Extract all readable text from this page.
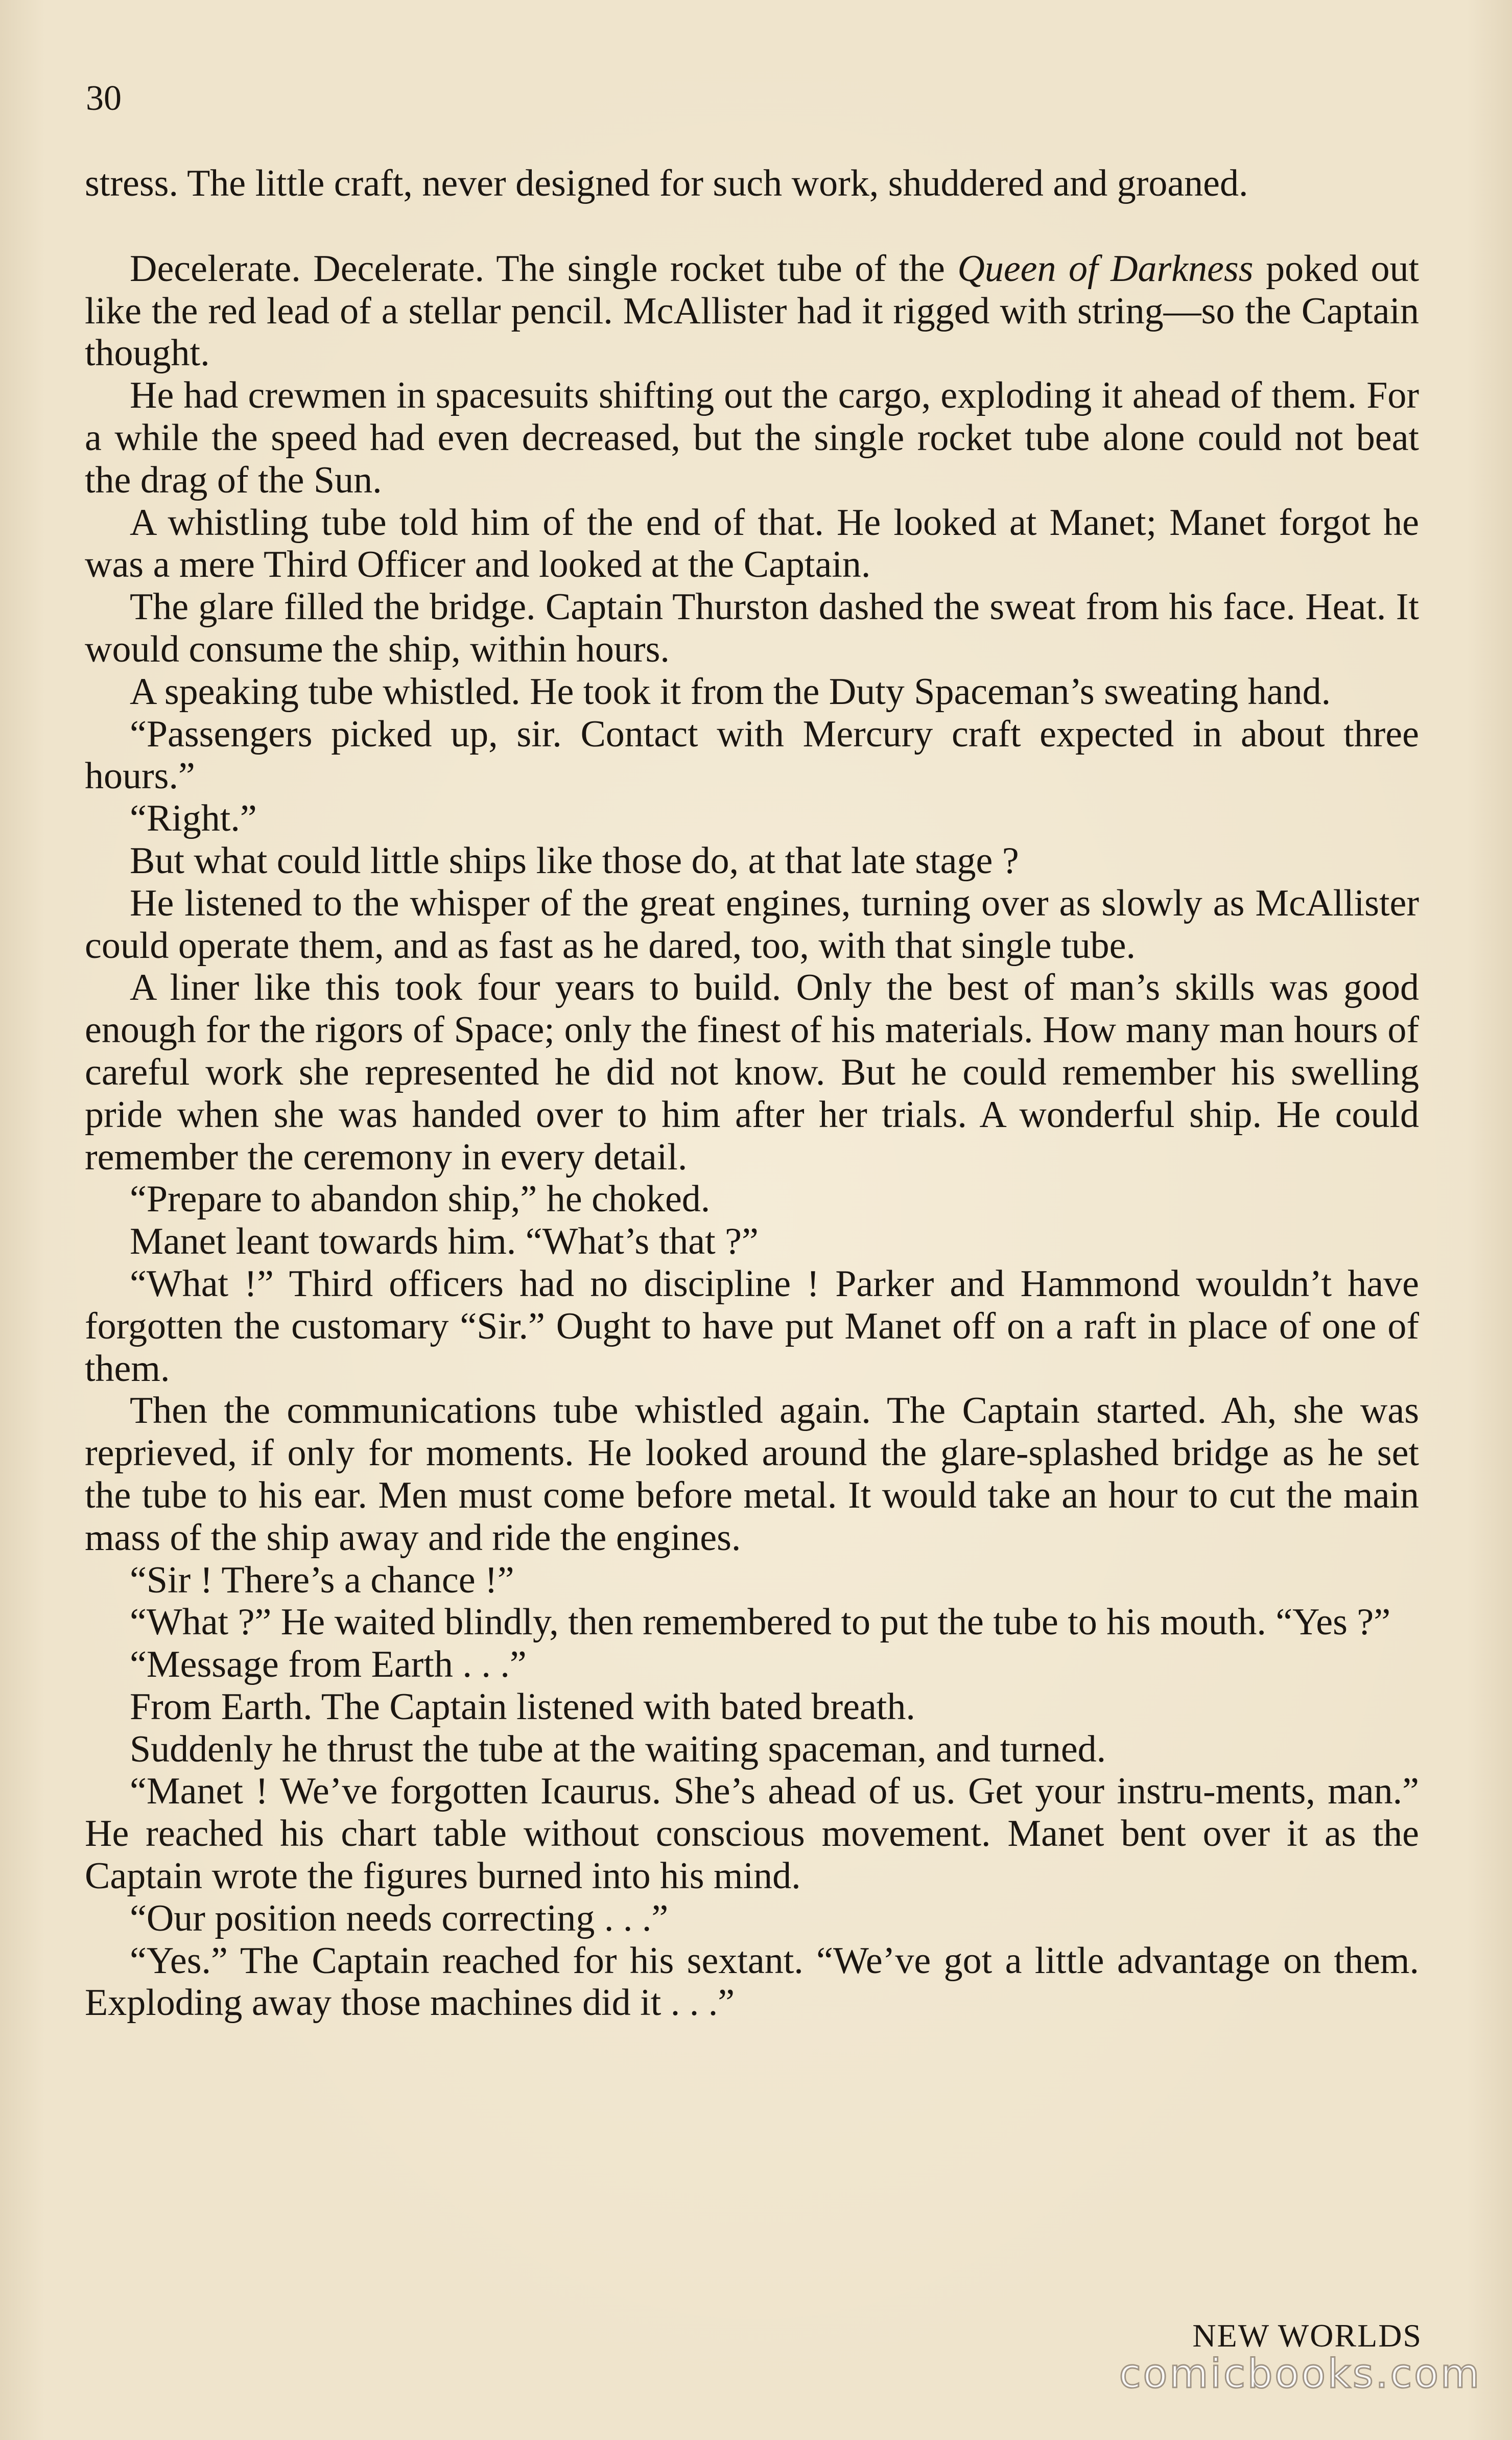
30

stress. The little craft, never designed for such work, shuddered and groaned.

Decelerate. Decelerate. The single rocket tube of the Queen of Darkness poked out like the red lead of a stellar pencil. McAllister had it rigged with string—so the Captain thought.

He had crewmen in spacesuits shifting out the cargo, exploding it ahead of them. For a while the speed had even decreased, but the single rocket tube alone could not beat the drag of the Sun.

A whistling tube told him of the end of that. He looked at Manet; Manet forgot he was a mere Third Officer and looked at the Captain.

The glare filled the bridge. Captain Thurston dashed the sweat from his face. Heat. It would consume the ship, within hours.

A speaking tube whistled. He took it from the Duty Spaceman’s sweating hand.

“Passengers picked up, sir. Contact with Mercury craft expected in about three hours.”

“Right.”

But what could little ships like those do, at that late stage ?

He listened to the whisper of the great engines, turning over as slowly as McAllister could operate them, and as fast as he dared, too, with that single tube.

A liner like this took four years to build. Only the best of man’s skills was good enough for the rigors of Space; only the finest of his materials. How many man hours of careful work she represented he did not know. But he could remember his swelling pride when she was handed over to him after her trials. A wonderful ship. He could remember the ceremony in every detail.

“Prepare to abandon ship,” he choked.

Manet leant towards him. “What’s that ?”

“What !” Third officers had no discipline ! Parker and Hammond wouldn’t have forgotten the customary “Sir.” Ought to have put Manet off on a raft in place of one of them.

Then the communications tube whistled again. The Captain started. Ah, she was reprieved, if only for moments. He looked around the glare-splashed bridge as he set the tube to his ear. Men must come before metal. It would take an hour to cut the main mass of the ship away and ride the engines.

“Sir ! There’s a chance !”

“What ?” He waited blindly, then remembered to put the tube to his mouth. “Yes ?”

“Message from Earth . . .”

From Earth. The Captain listened with bated breath.

Suddenly he thrust the tube at the waiting spaceman, and turned.

“Manet ! We’ve forgotten Icaurus. She’s ahead of us. Get your instru-ments, man.” He reached his chart table without conscious movement. Manet bent over it as the Captain wrote the figures burned into his mind.

“Our position needs correcting . . .”

“Yes.” The Captain reached for his sextant. “We’ve got a little advantage on them. Exploding away those machines did it . . .”

NEW WORLDS
comicbooks.com
